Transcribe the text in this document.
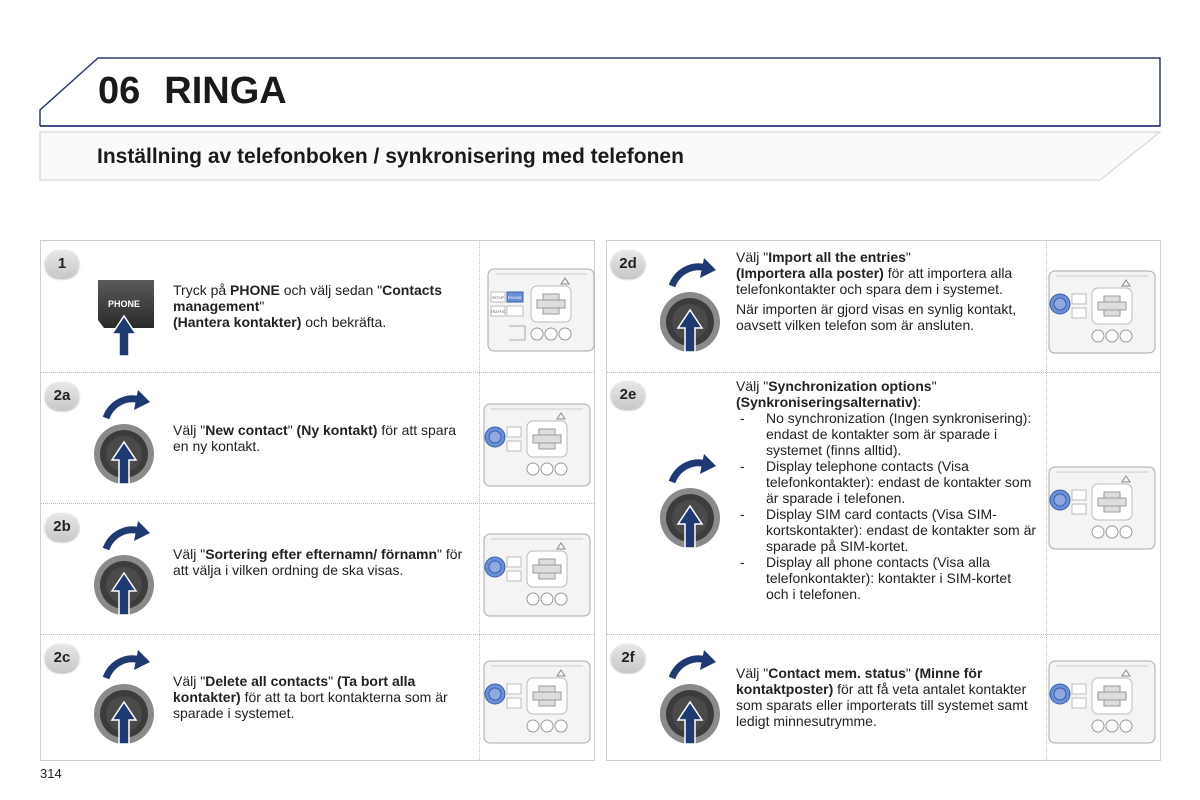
06 RINGA
Inställning av telefonboken / synkronisering med telefonen
1
PHONE
Tryck på PHONE och välj sedan "Contacts management"
(Hantera kontakter) och bekräfta.
PHONE
SETUP
TRAFFIC
2a
Välj "New contact" (Ny kontakt) för att spara en ny kontakt.
2b
Välj "Sortering efter efternamn/ förnamn" för att välja i vilken ordning de ska visas.
2c
Välj "Delete all contacts" (Ta bort alla kontakter) för att ta bort kontakterna som är sparade i systemet.
2d	Välj "Import all the entries"
(Importera alla poster) för att importera alla telefonkontakter och spara dem i systemet.
När importen är gjord visas en synlig kontakt, oavsett vilken telefon som är ansluten.
2e	Välj "Synchronization options"
(Synkroniseringsalternativ):
- No synchronization (Ingen synkronisering): endast de kontakter som är sparade i systemet (finns alltid).
- Display telephone contacts (Visa telefonkontakter): endast de kontakter som är sparade i telefonen.
- Display SIM card contacts (Visa SIM-kortskontakter): endast de kontakter som är sparade på SIM-kortet.
- Display all phone contacts (Visa alla telefonkontakter): kontakter i SIM-kortet och i telefonen.
2f
Välj "Contact mem. status" (Minne för kontaktposter) för att få veta antalet kontakter som sparats eller importerats till systemet samt ledigt minnesutrymme.
314
